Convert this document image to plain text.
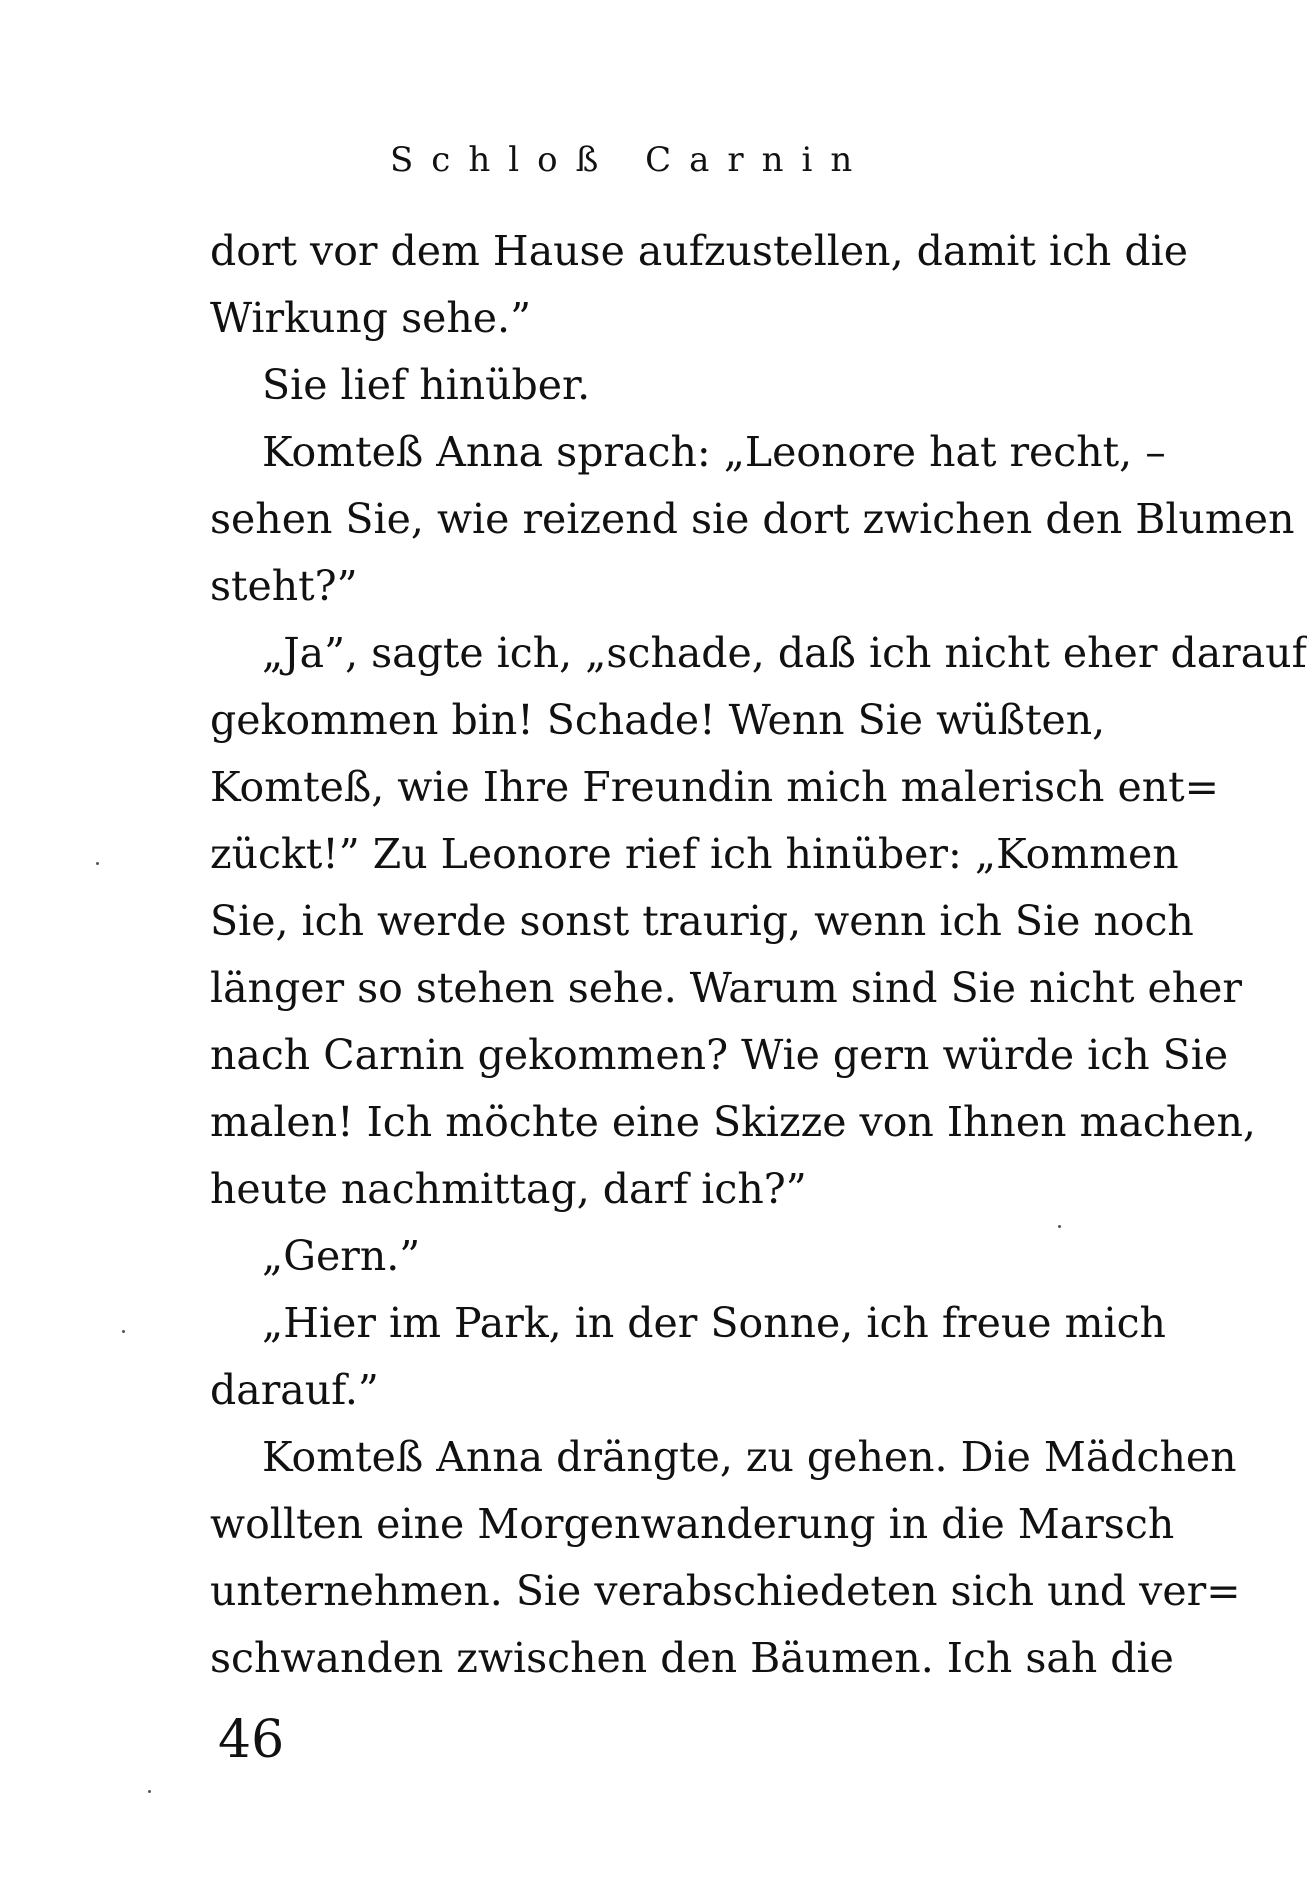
Schloß Carnin
dort vor dem Hause aufzustellen, damit ich die
Wirkung sehe.”
Sie lief hinüber.
Komteß Anna sprach: „Leonore hat recht, –
sehen Sie, wie reizend sie dort zwichen den Blumen
steht?”
„Ja”, sagte ich, „schade, daß ich nicht eher darauf
gekommen bin! Schade! Wenn Sie wüßten,
Komteß, wie Ihre Freundin mich malerisch ent=
zückt!” Zu Leonore rief ich hinüber: „Kommen
Sie, ich werde sonst traurig, wenn ich Sie noch
länger so stehen sehe. Warum sind Sie nicht eher
nach Carnin gekommen? Wie gern würde ich Sie
malen! Ich möchte eine Skizze von Ihnen machen,
heute nachmittag, darf ich?”
„Gern.”
„Hier im Park, in der Sonne, ich freue mich
darauf.”
Komteß Anna drängte, zu gehen. Die Mädchen
wollten eine Morgenwanderung in die Marsch
unternehmen. Sie verabschiedeten sich und ver=
schwanden zwischen den Bäumen. Ich sah die
46
